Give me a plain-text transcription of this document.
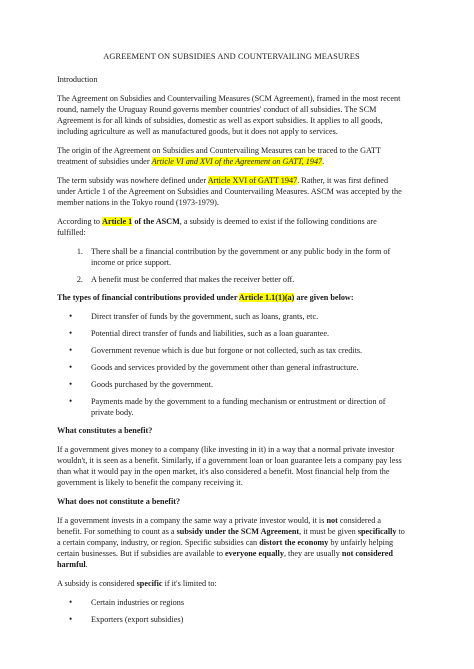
AGREEMENT ON SUBSIDIES AND COUNTERVAILING MEASURES

Introduction

The Agreement on Subsidies and Countervailing Measures (SCM Agreement), framed in the most recent round, namely the Uruguay Round governs member countries' conduct of all subsidies. The SCM Agreement is for all kinds of subsidies, domestic as well as export subsidies. It applies to all goods, including agriculture as well as manufactured goods, but it does not apply to services.

The origin of the Agreement on Subsidies and Countervailing Measures can be traced to the GATT treatment of subsidies under Article VI and XVI of the Agreement on GATT, 1947.

The term subsidy was nowhere defined under Article XVI of GATT 1947. Rather, it was first defined under Article 1 of the Agreement on Subsidies and Countervailing Measures. ASCM was accepted by the member nations in the Tokyo round (1973-1979).

According to Article 1 of the ASCM, a subsidy is deemed to exist if the following conditions are fulfilled:

1. There shall be a financial contribution by the government or any public body in the form of income or price support.
2. A benefit must be conferred that makes the receiver better off.

The types of financial contributions provided under Article 1.1(1)(a) are given below:

• Direct transfer of funds by the government, such as loans, grants, etc.
• Potential direct transfer of funds and liabilities, such as a loan guarantee.
• Government revenue which is due but forgone or not collected, such as tax credits.
• Goods and services provided by the government other than general infrastructure.
• Goods purchased by the government.
• Payments made by the government to a funding mechanism or entrustment or direction of private body.

What constitutes a benefit?

If a government gives money to a company (like investing in it) in a way that a normal private investor wouldn't, it is seen as a benefit. Similarly, if a government loan or loan guarantee lets a company pay less than what it would pay in the open market, it's also considered a benefit. Most financial help from the government is likely to benefit the company receiving it.

What does not constitute a benefit?

If a government invests in a company the same way a private investor would, it is not considered a benefit. For something to count as a subsidy under the SCM Agreement, it must be given specifically to a certain company, industry, or region. Specific subsidies can distort the economy by unfairly helping certain businesses. But if subsidies are available to everyone equally, they are usually not considered harmful.

A subsidy is considered specific if it's limited to:

• Certain industries or regions
• Exporters (export subsidies)
